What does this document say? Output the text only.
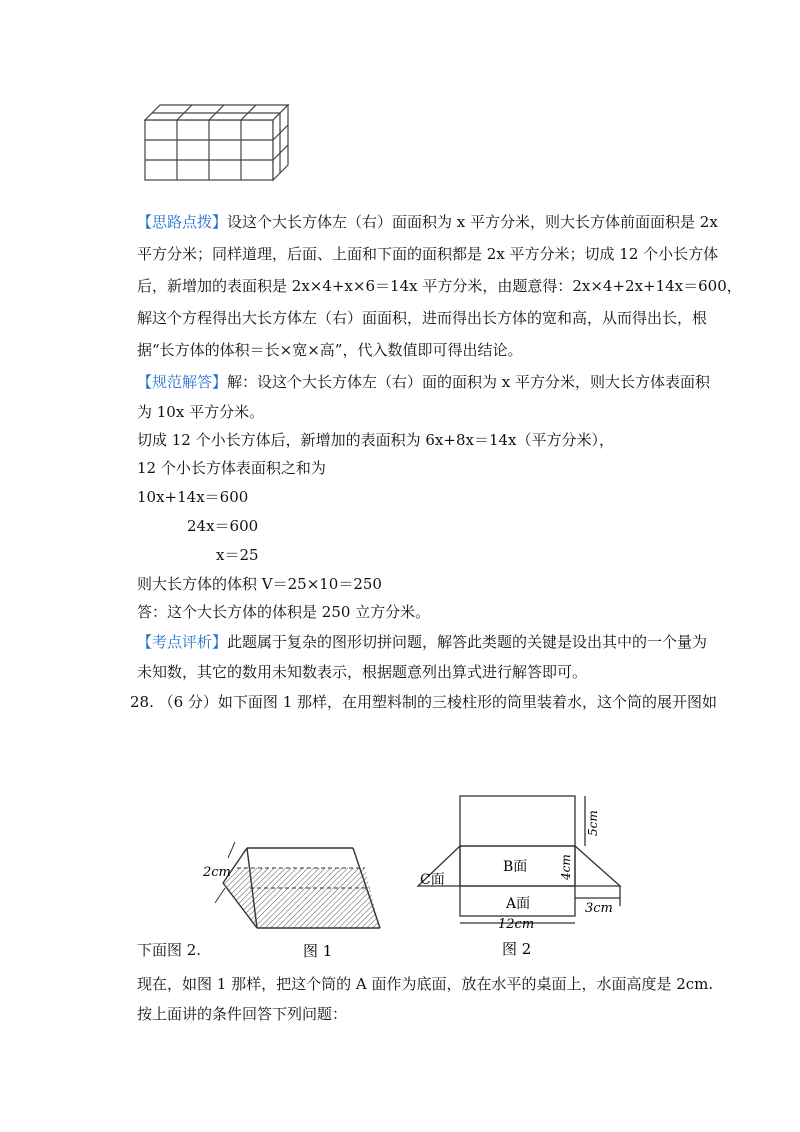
【思路点拨】设这个大长方体左（右）面面积为 x 平方分米，则大长方体前面面积是 2x
平方分米；同样道理，后面、上面和下面的面积都是 2x 平方分米；切成 12 个小长方体
后，新增加的表面积是 2x×4+x×6＝14x 平方分米，由题意得：2x×4+2x+14x＝600，
解这个方程得出大长方体左（右）面面积，进而得出长方体的宽和高，从而得出长，根
据“长方体的体积＝长×宽×高”，代入数值即可得出结论。
【规范解答】解：设这个大长方体左（右）面的面积为 x 平方分米，则大长方体表面积
为 10x 平方分米。
切成 12 个小长方体后，新增加的表面积为 6x+8x＝14x（平方分米），
12 个小长方体表面积之和为
10x+14x＝600
24x＝600
x＝25
则大长方体的体积 V＝25×10＝250
答：这个大长方体的体积是 250 立方分米。
【考点评析】此题属于复杂的图形切拼问题，解答此类题的关键是设出其中的一个量为
未知数，其它的数用未知数表示，根据题意列出算式进行解答即可。
28. （6 分）如下面图 1 那样，在用塑料制的三棱柱形的筒里装着水，这个筒的展开图如
2cm
图 1
B面
A面
C面
5cm
4cm
12cm
3cm
图 2
下面图 2.
现在，如图 1 那样，把这个筒的 A 面作为底面，放在水平的桌面上，水面高度是 2cm.
按上面讲的条件回答下列问题：
